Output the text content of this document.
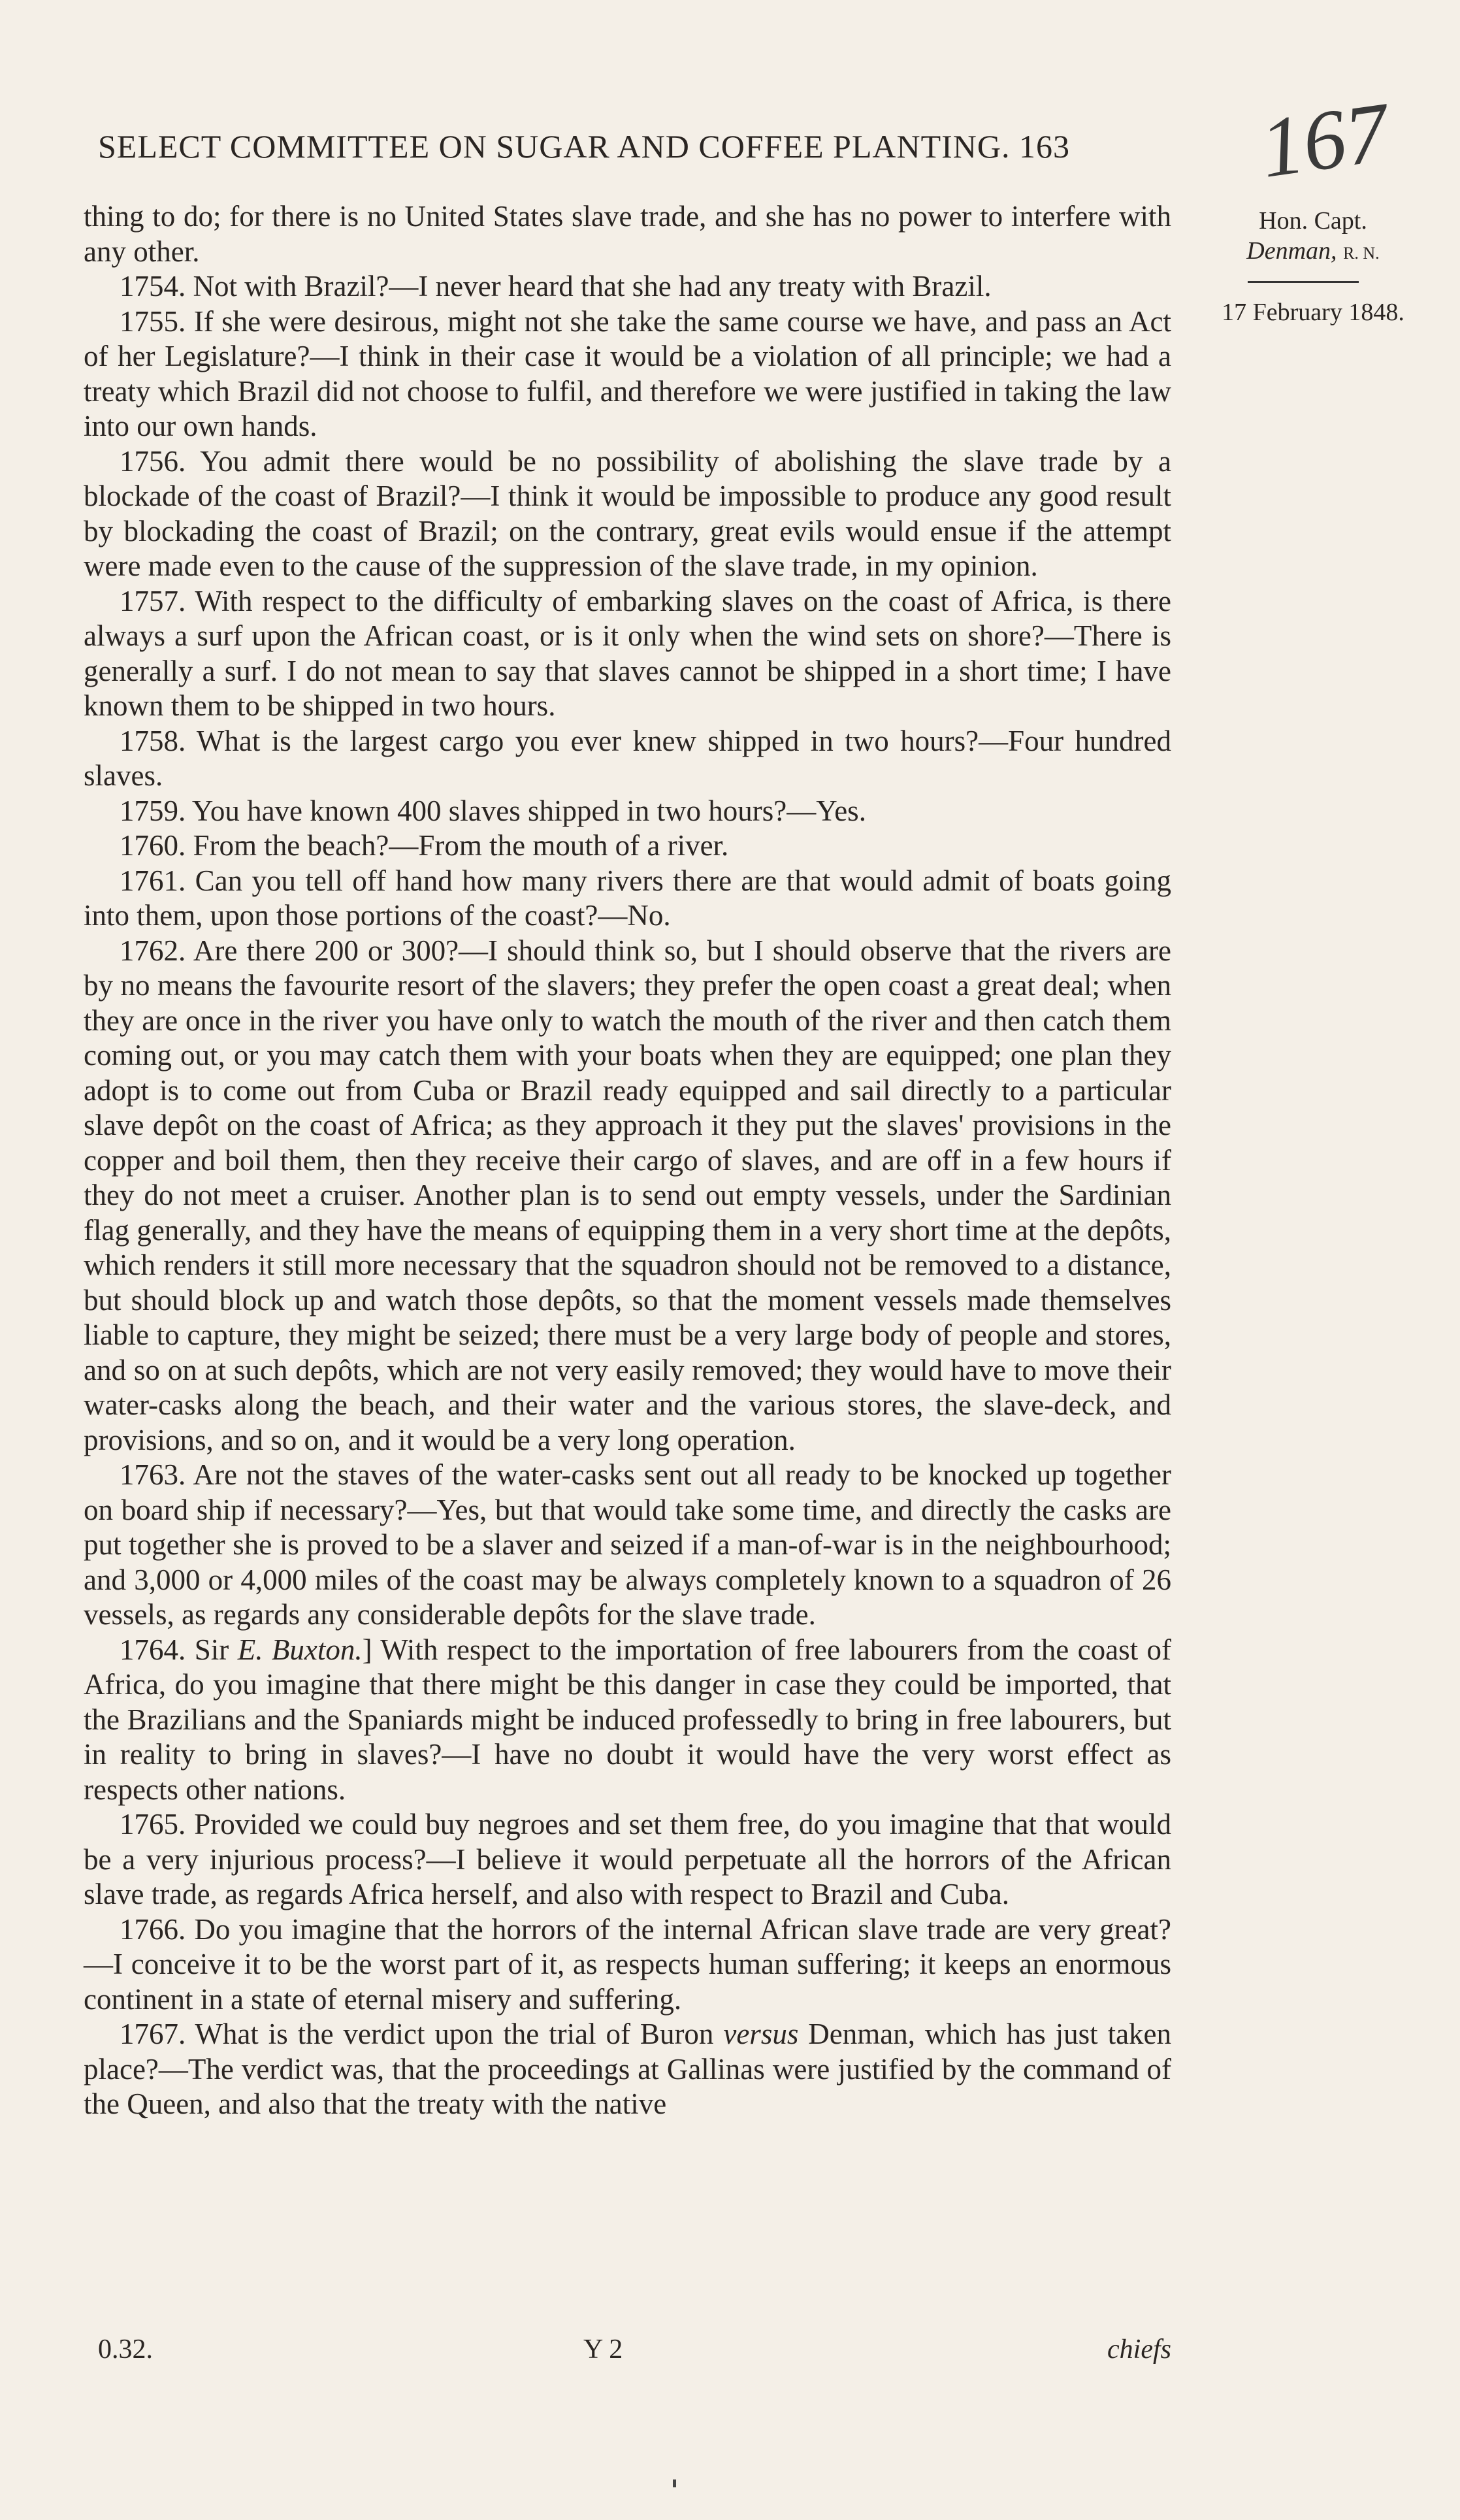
SELECT COMMITTEE ON SUGAR AND COFFEE PLANTING. 163	167
Hon. Capt.
Denman, R. N.
17 February 1848.

thing to do; for there is no United States slave trade, and she has no power to interfere with any other.

1754. Not with Brazil?—I never heard that she had any treaty with Brazil.

1755. If she were desirous, might not she take the same course we have, and pass an Act of her Legislature?—I think in their case it would be a violation of all principle; we had a treaty which Brazil did not choose to fulfil, and therefore we were justified in taking the law into our own hands.

1756. You admit there would be no possibility of abolishing the slave trade by a blockade of the coast of Brazil?—I think it would be impossible to produce any good result by blockading the coast of Brazil; on the contrary, great evils would ensue if the attempt were made even to the cause of the suppression of the slave trade, in my opinion.

1757. With respect to the difficulty of embarking slaves on the coast of Africa, is there always a surf upon the African coast, or is it only when the wind sets on shore?—There is generally a surf. I do not mean to say that slaves cannot be shipped in a short time; I have known them to be shipped in two hours.

1758. What is the largest cargo you ever knew shipped in two hours?—Four hundred slaves.

1759. You have known 400 slaves shipped in two hours?—Yes.

1760. From the beach?—From the mouth of a river.

1761. Can you tell off hand how many rivers there are that would admit of boats going into them, upon those portions of the coast?—No.

1762. Are there 200 or 300?—I should think so, but I should observe that the rivers are by no means the favourite resort of the slavers; they prefer the open coast a great deal; when they are once in the river you have only to watch the mouth of the river and then catch them coming out, or you may catch them with your boats when they are equipped; one plan they adopt is to come out from Cuba or Brazil ready equipped and sail directly to a particular slave depôt on the coast of Africa; as they approach it they put the slaves' provisions in the copper and boil them, then they receive their cargo of slaves, and are off in a few hours if they do not meet a cruiser. Another plan is to send out empty vessels, under the Sardinian flag generally, and they have the means of equipping them in a very short time at the depôts, which renders it still more necessary that the squadron should not be removed to a distance, but should block up and watch those depôts, so that the moment vessels made themselves liable to capture, they might be seized; there must be a very large body of people and stores, and so on at such depôts, which are not very easily removed; they would have to move their water-casks along the beach, and their water and the various stores, the slave-deck, and provisions, and so on, and it would be a very long operation.

1763. Are not the staves of the water-casks sent out all ready to be knocked up together on board ship if necessary?—Yes, but that would take some time, and directly the casks are put together she is proved to be a slaver and seized if a man-of-war is in the neighbourhood; and 3,000 or 4,000 miles of the coast may be always completely known to a squadron of 26 vessels, as regards any considerable depôts for the slave trade.

1764. Sir E. Buxton.] With respect to the importation of free labourers from the coast of Africa, do you imagine that there might be this danger in case they could be imported, that the Brazilians and the Spaniards might be induced professedly to bring in free labourers, but in reality to bring in slaves?—I have no doubt it would have the very worst effect as respects other nations.

1765. Provided we could buy negroes and set them free, do you imagine that that would be a very injurious process?—I believe it would perpetuate all the horrors of the African slave trade, as regards Africa herself, and also with respect to Brazil and Cuba.

1766. Do you imagine that the horrors of the internal African slave trade are very great?—I conceive it to be the worst part of it, as respects human suffering; it keeps an enormous continent in a state of eternal misery and suffering.

1767. What is the verdict upon the trial of Buron versus Denman, which has just taken place?—The verdict was, that the proceedings at Gallinas were justified by the command of the Queen, and also that the treaty with the native

0.32.	Y 2	chiefs
